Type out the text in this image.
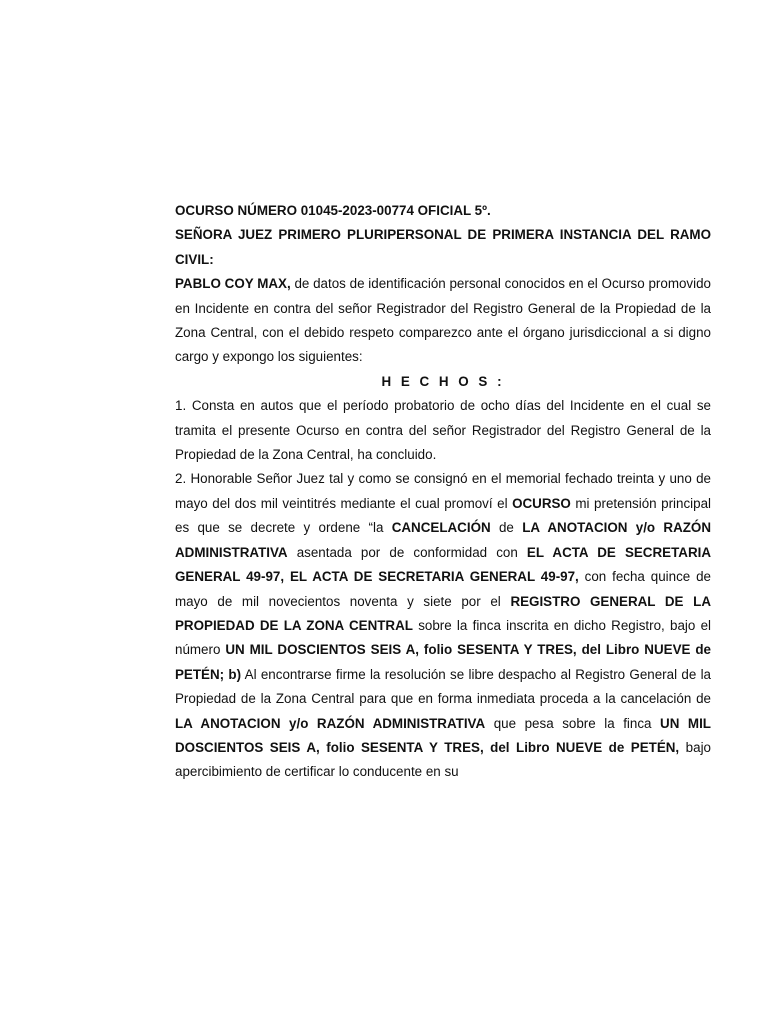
OCURSO NÚMERO 01045-2023-00774 OFICIAL 5º.

SEÑORA JUEZ PRIMERO PLURIPERSONAL DE PRIMERA INSTANCIA DEL RAMO CIVIL:

PABLO COY MAX, de datos de identificación personal conocidos en el Ocurso promovido en Incidente en contra del señor Registrador del Registro General de la Propiedad de la Zona Central, con el debido respeto comparezco ante el órgano jurisdiccional a si digno cargo y expongo los siguientes:

H E C H O S :

1. Consta en autos que el período probatorio de ocho días del Incidente en el cual se tramita el presente Ocurso en contra del señor Registrador del Registro General de la Propiedad de la Zona Central, ha concluido.

2. Honorable Señor Juez tal y como se consignó en el memorial fechado treinta y uno de mayo del dos mil veintitrés mediante el cual promoví el OCURSO mi pretensión principal es que se decrete y ordene “la CANCELACIÓN de LA ANOTACION y/o RAZÓN ADMINISTRATIVA asentada por de conformidad con EL ACTA DE SECRETARIA GENERAL 49-97, EL ACTA DE SECRETARIA GENERAL 49-97, con fecha quince de mayo de mil novecientos noventa y siete por el REGISTRO GENERAL DE LA PROPIEDAD DE LA ZONA CENTRAL sobre la finca inscrita en dicho Registro, bajo el número UN MIL DOSCIENTOS SEIS A, folio SESENTA Y TRES, del Libro NUEVE de PETÉN; b) Al encontrarse firme la resolución se libre despacho al Registro General de la Propiedad de la Zona Central para que en forma inmediata proceda a la cancelación de LA ANOTACION y/o RAZÓN ADMINISTRATIVA que pesa sobre la finca UN MIL DOSCIENTOS SEIS A, folio SESENTA Y TRES, del Libro NUEVE de PETÉN, bajo apercibimiento de certificar lo conducente en su
